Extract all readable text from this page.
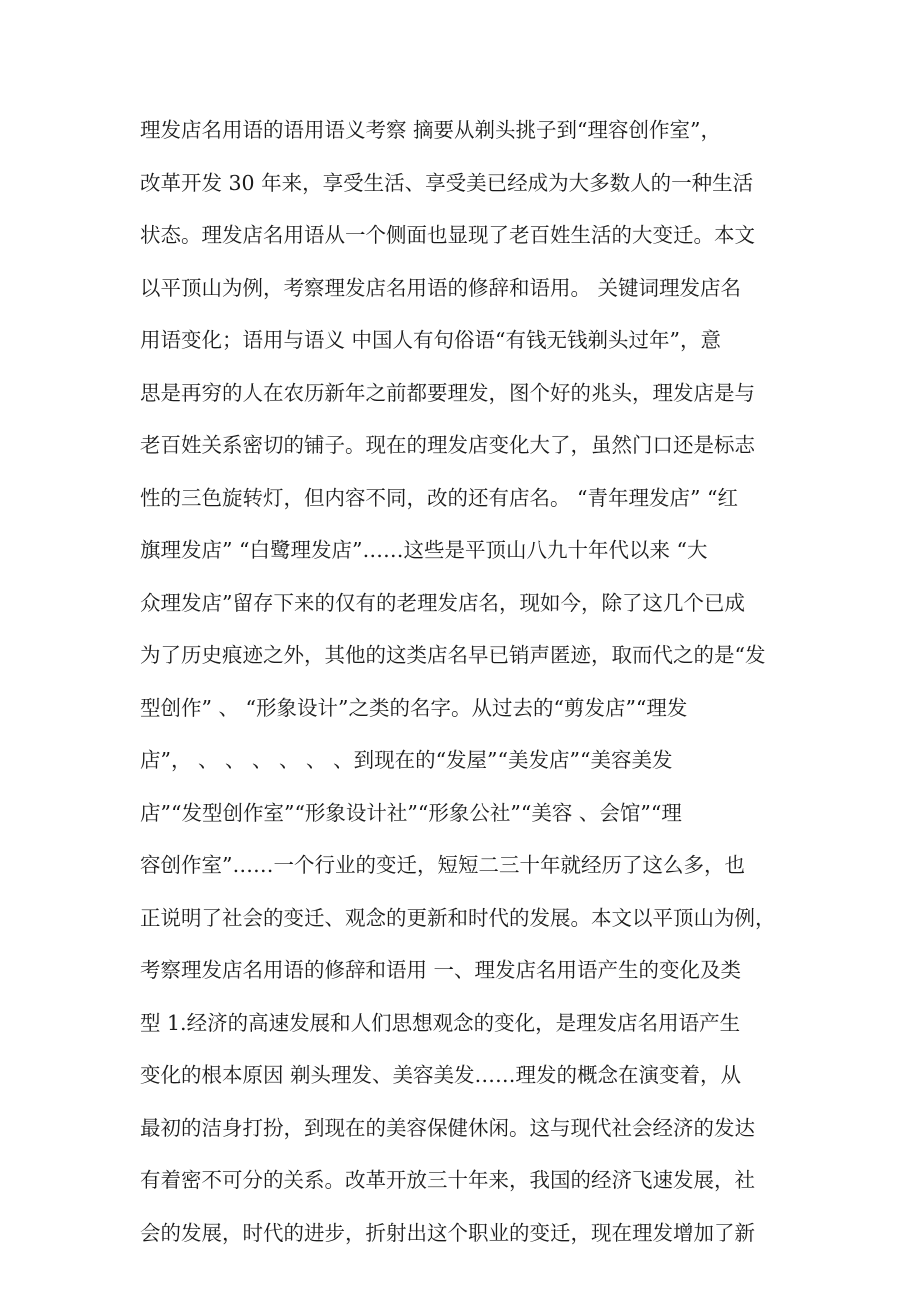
理发店名用语的语用语义考察 摘要从剃头挑子到“理容创作室”，
改革开发 30 年来，享受生活、享受美已经成为大多数人的一种生活
状态。理发店名用语从一个侧面也显现了老百姓生活的大变迁。本文
以平顶山为例，考察理发店名用语的修辞和语用。 关键词理发店名
用语变化；语用与语义 中国人有句俗语“有钱无钱剃头过年”，意
思是再穷的人在农历新年之前都要理发，图个好的兆头，理发店是与
老百姓关系密切的铺子。现在的理发店变化大了，虽然门口还是标志
性的三色旋转灯，但内容不同，改的还有店名。 “青年理发店” “红
旗理发店” “白鹭理发店”……这些是平顶山八九十年代以来 “大
众理发店”留存下来的仅有的老理发店名，现如今，除了这几个已成
为了历史痕迹之外，其他的这类店名早已销声匿迹，取而代之的是“发
型创作” 、 “形象设计”之类的名字。从过去的“剪发店”“理发
店”， 、 、 、 、 、 、到现在的“发屋”“美发店”“美容美发
店”“发型创作室”“形象设计社”“形象公社”“美容 、会馆”“理
容创作室”……一个行业的变迁，短短二三十年就经历了这么多，也
正说明了社会的变迁、观念的更新和时代的发展。本文以平顶山为例，
考察理发店名用语的修辞和语用 一、理发店名用语产生的变化及类
型 1.经济的高速发展和人们思想观念的变化，是理发店名用语产生
变化的根本原因 剃头理发、美容美发……理发的概念在演变着，从
最初的洁身打扮，到现在的美容保健休闲。这与现代社会经济的发达
有着密不可分的关系。改革开放三十年来，我国的经济飞速发展，社
会的发展，时代的进步，折射出这个职业的变迁，现在理发增加了新
